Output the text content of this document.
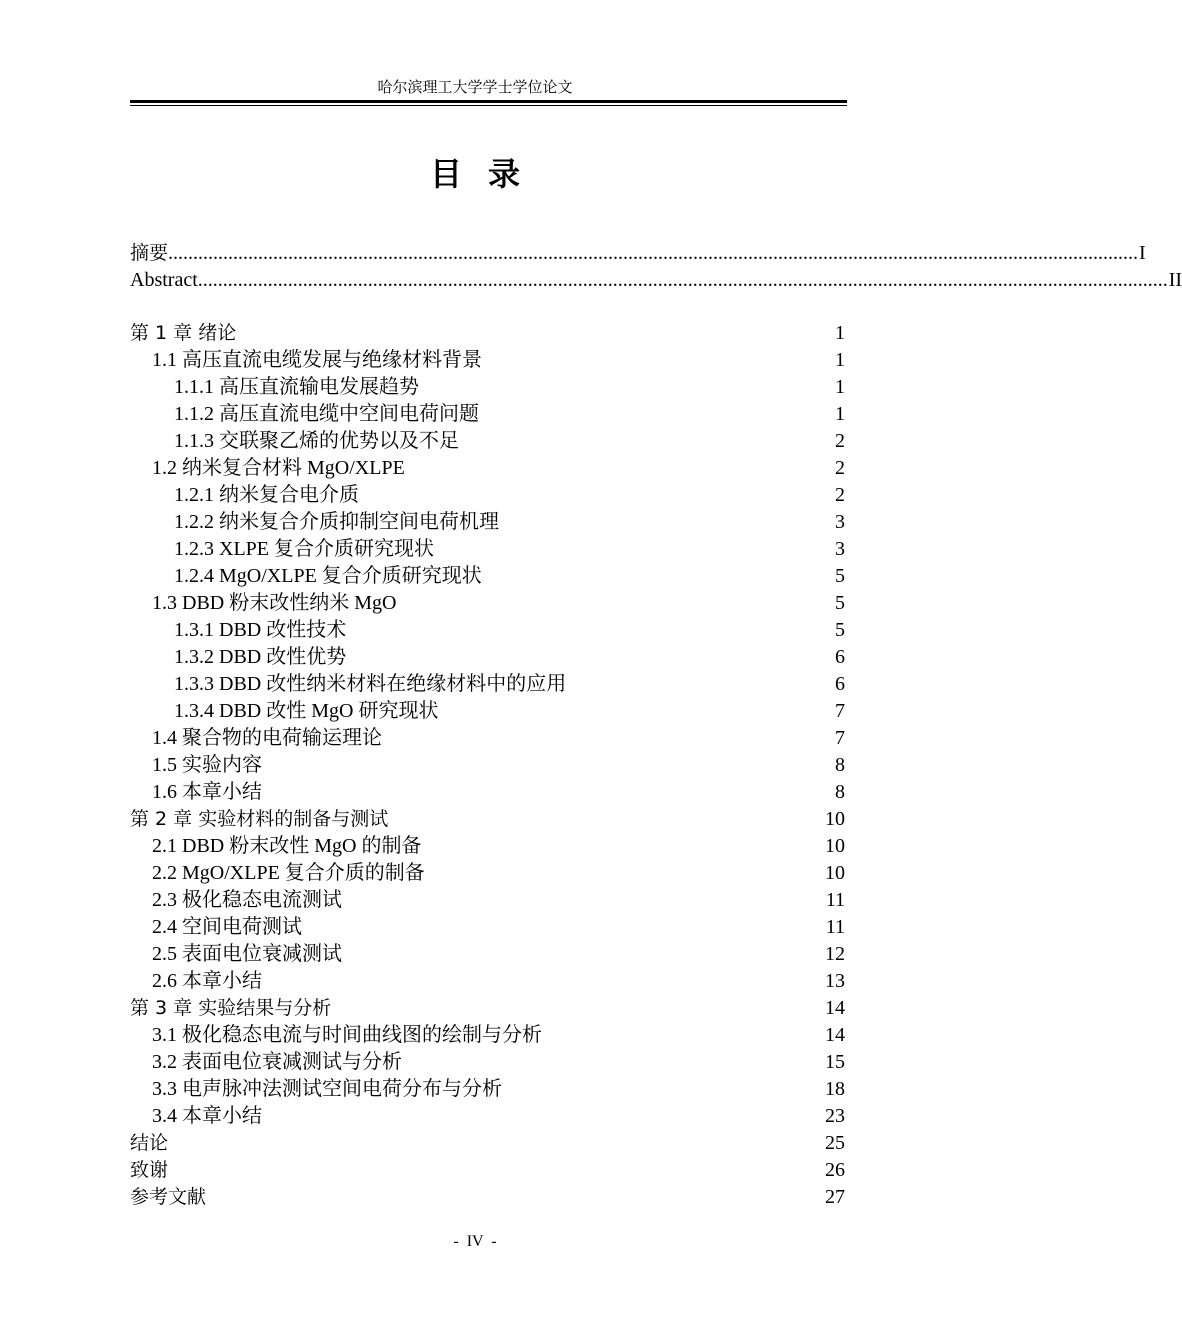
哈尔滨理工大学学士学位论文
目录
摘要 .................................................................................................................................................................................................. I
Abstract .................................................................................................................................................................................................. II
第 1 章 绪论	1
1.1 高压直流电缆发展与绝缘材料背景	1
1.1.1 高压直流输电发展趋势	1
1.1.2 高压直流电缆中空间电荷问题	1
1.1.3 交联聚乙烯的优势以及不足	2
1.2 纳米复合材料 MgO/XLPE	2
1.2.1 纳米复合电介质	2
1.2.2 纳米复合介质抑制空间电荷机理	3
1.2.3 XLPE 复合介质研究现状	3
1.2.4 MgO/XLPE 复合介质研究现状	5
1.3 DBD 粉末改性纳米 MgO	5
1.3.1 DBD 改性技术	5
1.3.2 DBD 改性优势	6
1.3.3 DBD 改性纳米材料在绝缘材料中的应用	6
1.3.4 DBD 改性 MgO 研究现状	7
1.4 聚合物的电荷输运理论	7
1.5 实验内容	8
1.6 本章小结	8
第 2 章 实验材料的制备与测试	10
2.1 DBD 粉末改性 MgO 的制备	10
2.2 MgO/XLPE 复合介质的制备	10
2.3 极化稳态电流测试	11
2.4 空间电荷测试	11
2.5 表面电位衰减测试	12
2.6 本章小结	13
第 3 章 实验结果与分析	14
3.1 极化稳态电流与时间曲线图的绘制与分析	14
3.2 表面电位衰减测试与分析	15
3.3 电声脉冲法测试空间电荷分布与分析	18
3.4 本章小结	23
结论	25
致谢	26
参考文献	27
- IV -
